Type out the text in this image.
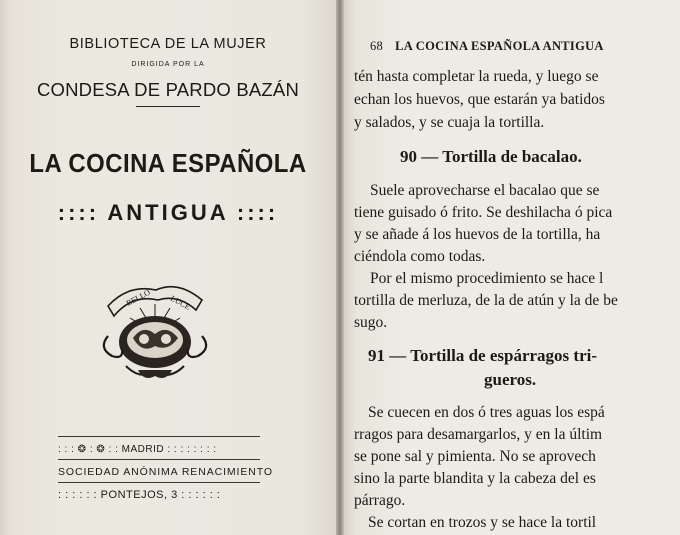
BIBLIOTECA DE LA MUJER
DIRIGIDA POR LA
CONDESA DE PARDO BAZÁN
LA COCINA ESPAÑOLA
:::: ANTIGUA ::::
BELLO LUCE
: : : ❂ : ❂ : : MADRID : : : : : : : :
SOCIEDAD ANÓNIMA RENACIMIENTO
: : : : : : PONTEJOS, 3 : : : : : :
68 LA COCINA ESPAÑOLA ANTIGUA
tén hasta completar la rueda, y luego se
echan los huevos, que estarán ya batidos
y salados, y se cuaja la tortilla.
90 — Tortilla de bacalao.
Suele aprovecharse el bacalao que se
tiene guisado ó frito. Se deshilacha ó pica
y se añade á los huevos de la tortilla, ha
ciéndola como todas.
Por el mismo procedimiento se hace l
tortilla de merluza, de la de atún y la de be
sugo.
91 — Tortilla de espárragos tri-
gueros.
Se cuecen en dos ó tres aguas los espá
rragos para desamargarlos, y en la últim
se pone sal y pimienta. No se aprovech
sino la parte blandita y la cabeza del es
párrago.
Se cortan en trozos y se hace la tortil
